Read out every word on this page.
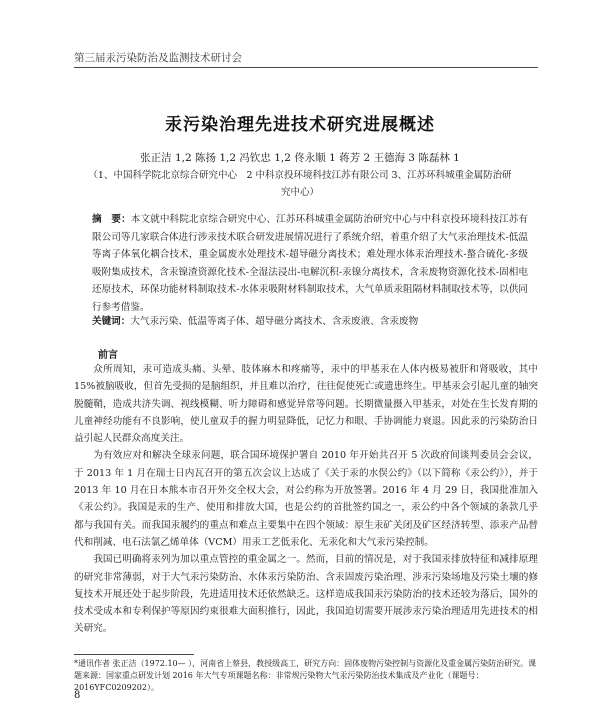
第三届汞污染防治及监测技术研讨会
汞污染治理先进技术研究进展概述
张正洁 1,2 陈扬 1,2 冯钦忠 1,2 佟永顺 1 蒋芳 2 王德海 3 陈磊林 1
（1、中国科学院北京综合研究中心　2 中科京投环境科技江苏有限公司 3、江苏环科城重金属防治研究中心）
摘　要：本文就中科院北京综合研究中心、江苏环科城重金属防治研究中心与中科京投环境科技江苏有限公司等几家联合体进行涉汞技术联合研发进展情况进行了系统介绍，着重介绍了大气汞治理技术-低温等离子体氧化耦合技术，重金属废水处理技术-超导磁分离技术；难处理水体汞治理技术-螯合硫化-多级吸附集成技术，含汞镍渣资源化技术-全湿法浸出-电解沉积-汞镍分离技术，含汞废物资源化技术-固相电还原技术，环保功能材料制取技术-水体汞吸附材料制取技术，大气单质汞阻隔材料制取技术等，以供同行参考借鉴。
关键词：大气汞污染、低温等离子体、超导磁分离技术、含汞废液、含汞废物
前言

众所周知，汞可造成头痛、头晕、肢体麻木和疼痛等，汞中的甲基汞在人体内极易被肝和肾吸收，其中 15%被脑吸收，但首先受损的是脑组织，并且难以治疗，往往促使死亡或遗患终生。甲基汞会引起儿童的轴突脱髓鞘，造成共济失调、视线模糊、听力障碍和感觉异常等问题。长期微量摄入甲基汞，对处在生长发育期的儿童神经功能有不良影响，使儿童双手的握力明显降低，记忆力和眼、手协调能力衰退。因此汞的污染防治日益引起人民群众高度关注。

为有效应对和解决全球汞问题，联合国环境保护署自 2010 年开始共召开 5 次政府间谈判委员会会议，于 2013 年 1 月在瑞士日内瓦召开的第五次会议上达成了《关于汞的水俣公约》（以下简称《汞公约》），并于 2013 年 10 月在日本熊本市召开外交全权大会，对公约称为开放签署。2016 年 4 月 29 日，我国批准加入《汞公约》。我国是汞的生产、使用和排放大国，也是公约的首批签约国之一，汞公约中各个领域的条款几乎都与我国有关。而我国汞履约的重点和难点主要集中在四个领域：原生汞矿关闭及矿区经济转型、添汞产品替代和削减、电石法氯乙烯单体（VCM）用汞工艺低汞化、无汞化和大气汞污染控制。

我国已明确将汞列为加以重点管控的重金属之一。然而，目前的情况是，对于我国汞排放特征和减排原理的研究非常薄弱，对于大气汞污染防治、水体汞污染防治、含汞固废污染治理、涉汞污染场地及污染土壤的修复技术开展还处于起步阶段，先进适用技术还依然缺乏。这样造成我国汞污染防治的技术还较为落后，国外的技术受成本和专利保护等原因约束很难大面积推行，因此，我国迫切需要开展涉汞污染治理适用先进技术的相关研究。

*通讯作者 张正洁（1972.10— ），河南省上蔡县，教授级高工，研究方向：固体废物污染控制与资源化及重金属污染防治研究。课题来源：国家重点研发计划 2016 年大气专项课题名称：非常规污染物大气汞污染防治技术集成及产业化（课题号：2016YFC0209202）。
8
